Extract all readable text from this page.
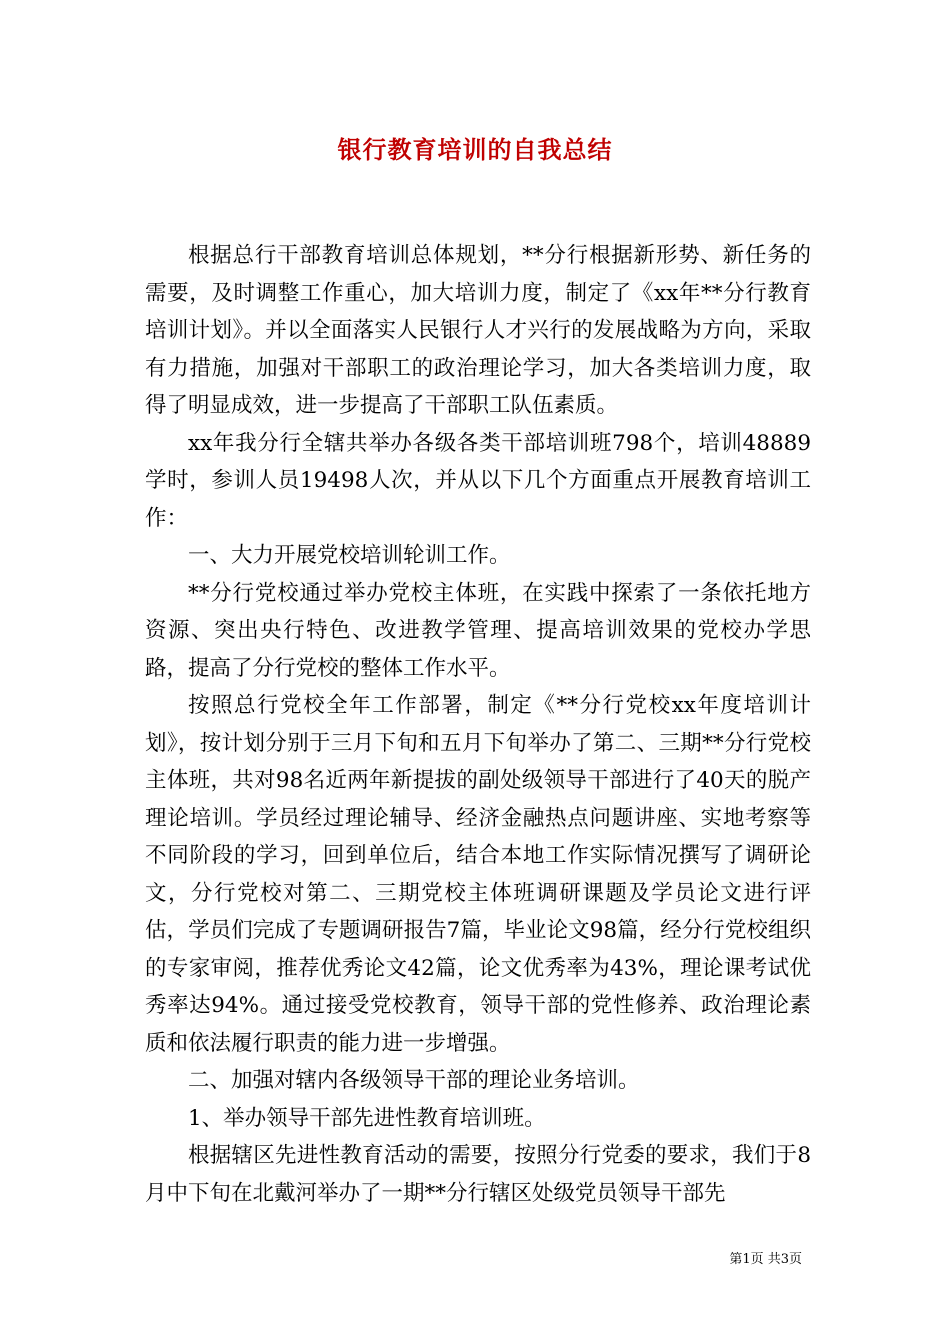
银行教育培训的自我总结

根据总行干部教育培训总体规划，**分行根据新形势、新任务的需要，及时调整工作重心，加大培训力度，制定了《xx年**分行教育培训计划》。并以全面落实人民银行人才兴行的发展战略为方向，采取有力措施，加强对干部职工的政治理论学习，加大各类培训力度，取得了明显成效，进一步提高了干部职工队伍素质。

xx年我分行全辖共举办各级各类干部培训班798个，培训48889学时，参训人员19498人次，并从以下几个方面重点开展教育培训工作：

一、大力开展党校培训轮训工作。

**分行党校通过举办党校主体班，在实践中探索了一条依托地方资源、突出央行特色、改进教学管理、提高培训效果的党校办学思路，提高了分行党校的整体工作水平。

按照总行党校全年工作部署，制定《**分行党校xx年度培训计划》，按计划分别于三月下旬和五月下旬举办了第二、三期**分行党校主体班，共对98名近两年新提拔的副处级领导干部进行了40天的脱产理论培训。学员经过理论辅导、经济金融热点问题讲座、实地考察等不同阶段的学习，回到单位后，结合本地工作实际情况撰写了调研论文，分行党校对第二、三期党校主体班调研课题及学员论文进行评估，学员们完成了专题调研报告7篇，毕业论文98篇，经分行党校组织的专家审阅，推荐优秀论文42篇，论文优秀率为43%，理论课考试优秀率达94%。通过接受党校教育，领导干部的党性修养、政治理论素质和依法履行职责的能力进一步增强。

二、加强对辖内各级领导干部的理论业务培训。

1、举办领导干部先进性教育培训班。

根据辖区先进性教育活动的需要，按照分行党委的要求，我们于8月中下旬在北戴河举办了一期**分行辖区处级党员领导干部先

第1页 共3页
